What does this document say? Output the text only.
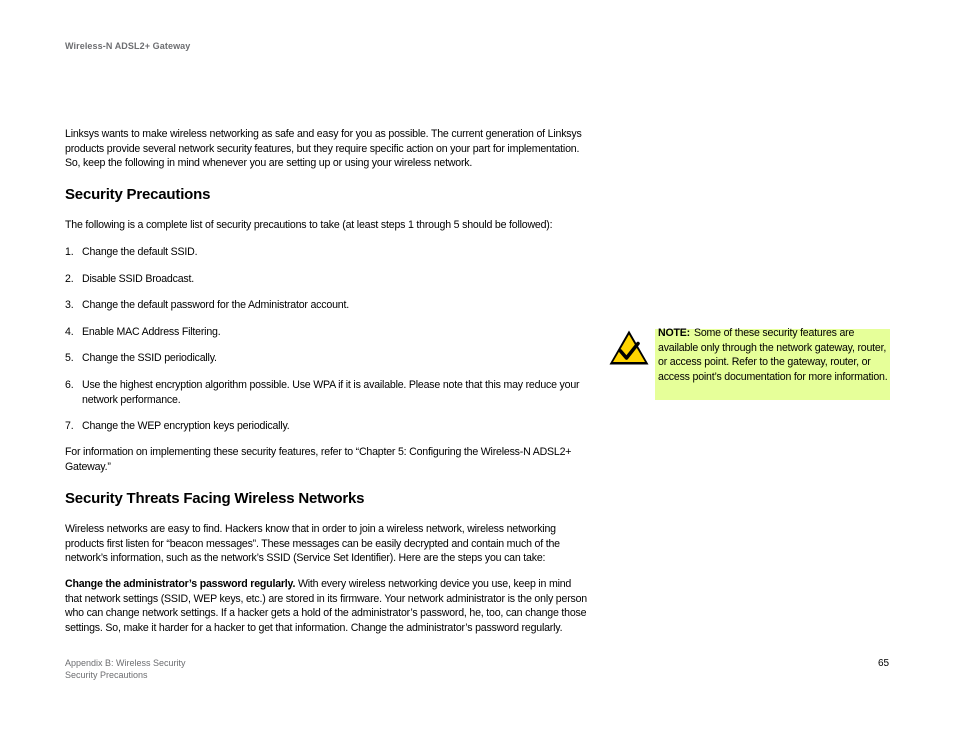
Wireless-N ADSL2+ Gateway

Linksys wants to make wireless networking as safe and easy for you as possible. The current generation of Linksys products provide several network security features, but they require specific action on your part for implementation. So, keep the following in mind whenever you are setting up or using your wireless network.

Security Precautions

The following is a complete list of security precautions to take (at least steps 1 through 5 should be followed):

1. Change the default SSID.
2. Disable SSID Broadcast.
3. Change the default password for the Administrator account.
4. Enable MAC Address Filtering.
5. Change the SSID periodically.
6. Use the highest encryption algorithm possible. Use WPA if it is available. Please note that this may reduce your network performance.
7. Change the WEP encryption keys periodically.

For information on implementing these security features, refer to “Chapter 5: Configuring the Wireless-N ADSL2+ Gateway.”

Security Threats Facing Wireless Networks

Wireless networks are easy to find. Hackers know that in order to join a wireless network, wireless networking products first listen for “beacon messages”. These messages can be easily decrypted and contain much of the network’s information, such as the network’s SSID (Service Set Identifier). Here are the steps you can take:

Change the administrator’s password regularly. With every wireless networking device you use, keep in mind that network settings (SSID, WEP keys, etc.) are stored in its firmware. Your network administrator is the only person who can change network settings. If a hacker gets a hold of the administrator’s password, he, too, can change those settings. So, make it harder for a hacker to get that information. Change the administrator’s password regularly.

NOTE: Some of these security features are available only through the network gateway, router, or access point. Refer to the gateway, router, or access point’s documentation for more information.
Appendix B: Wireless Security
Security Precautions
65
